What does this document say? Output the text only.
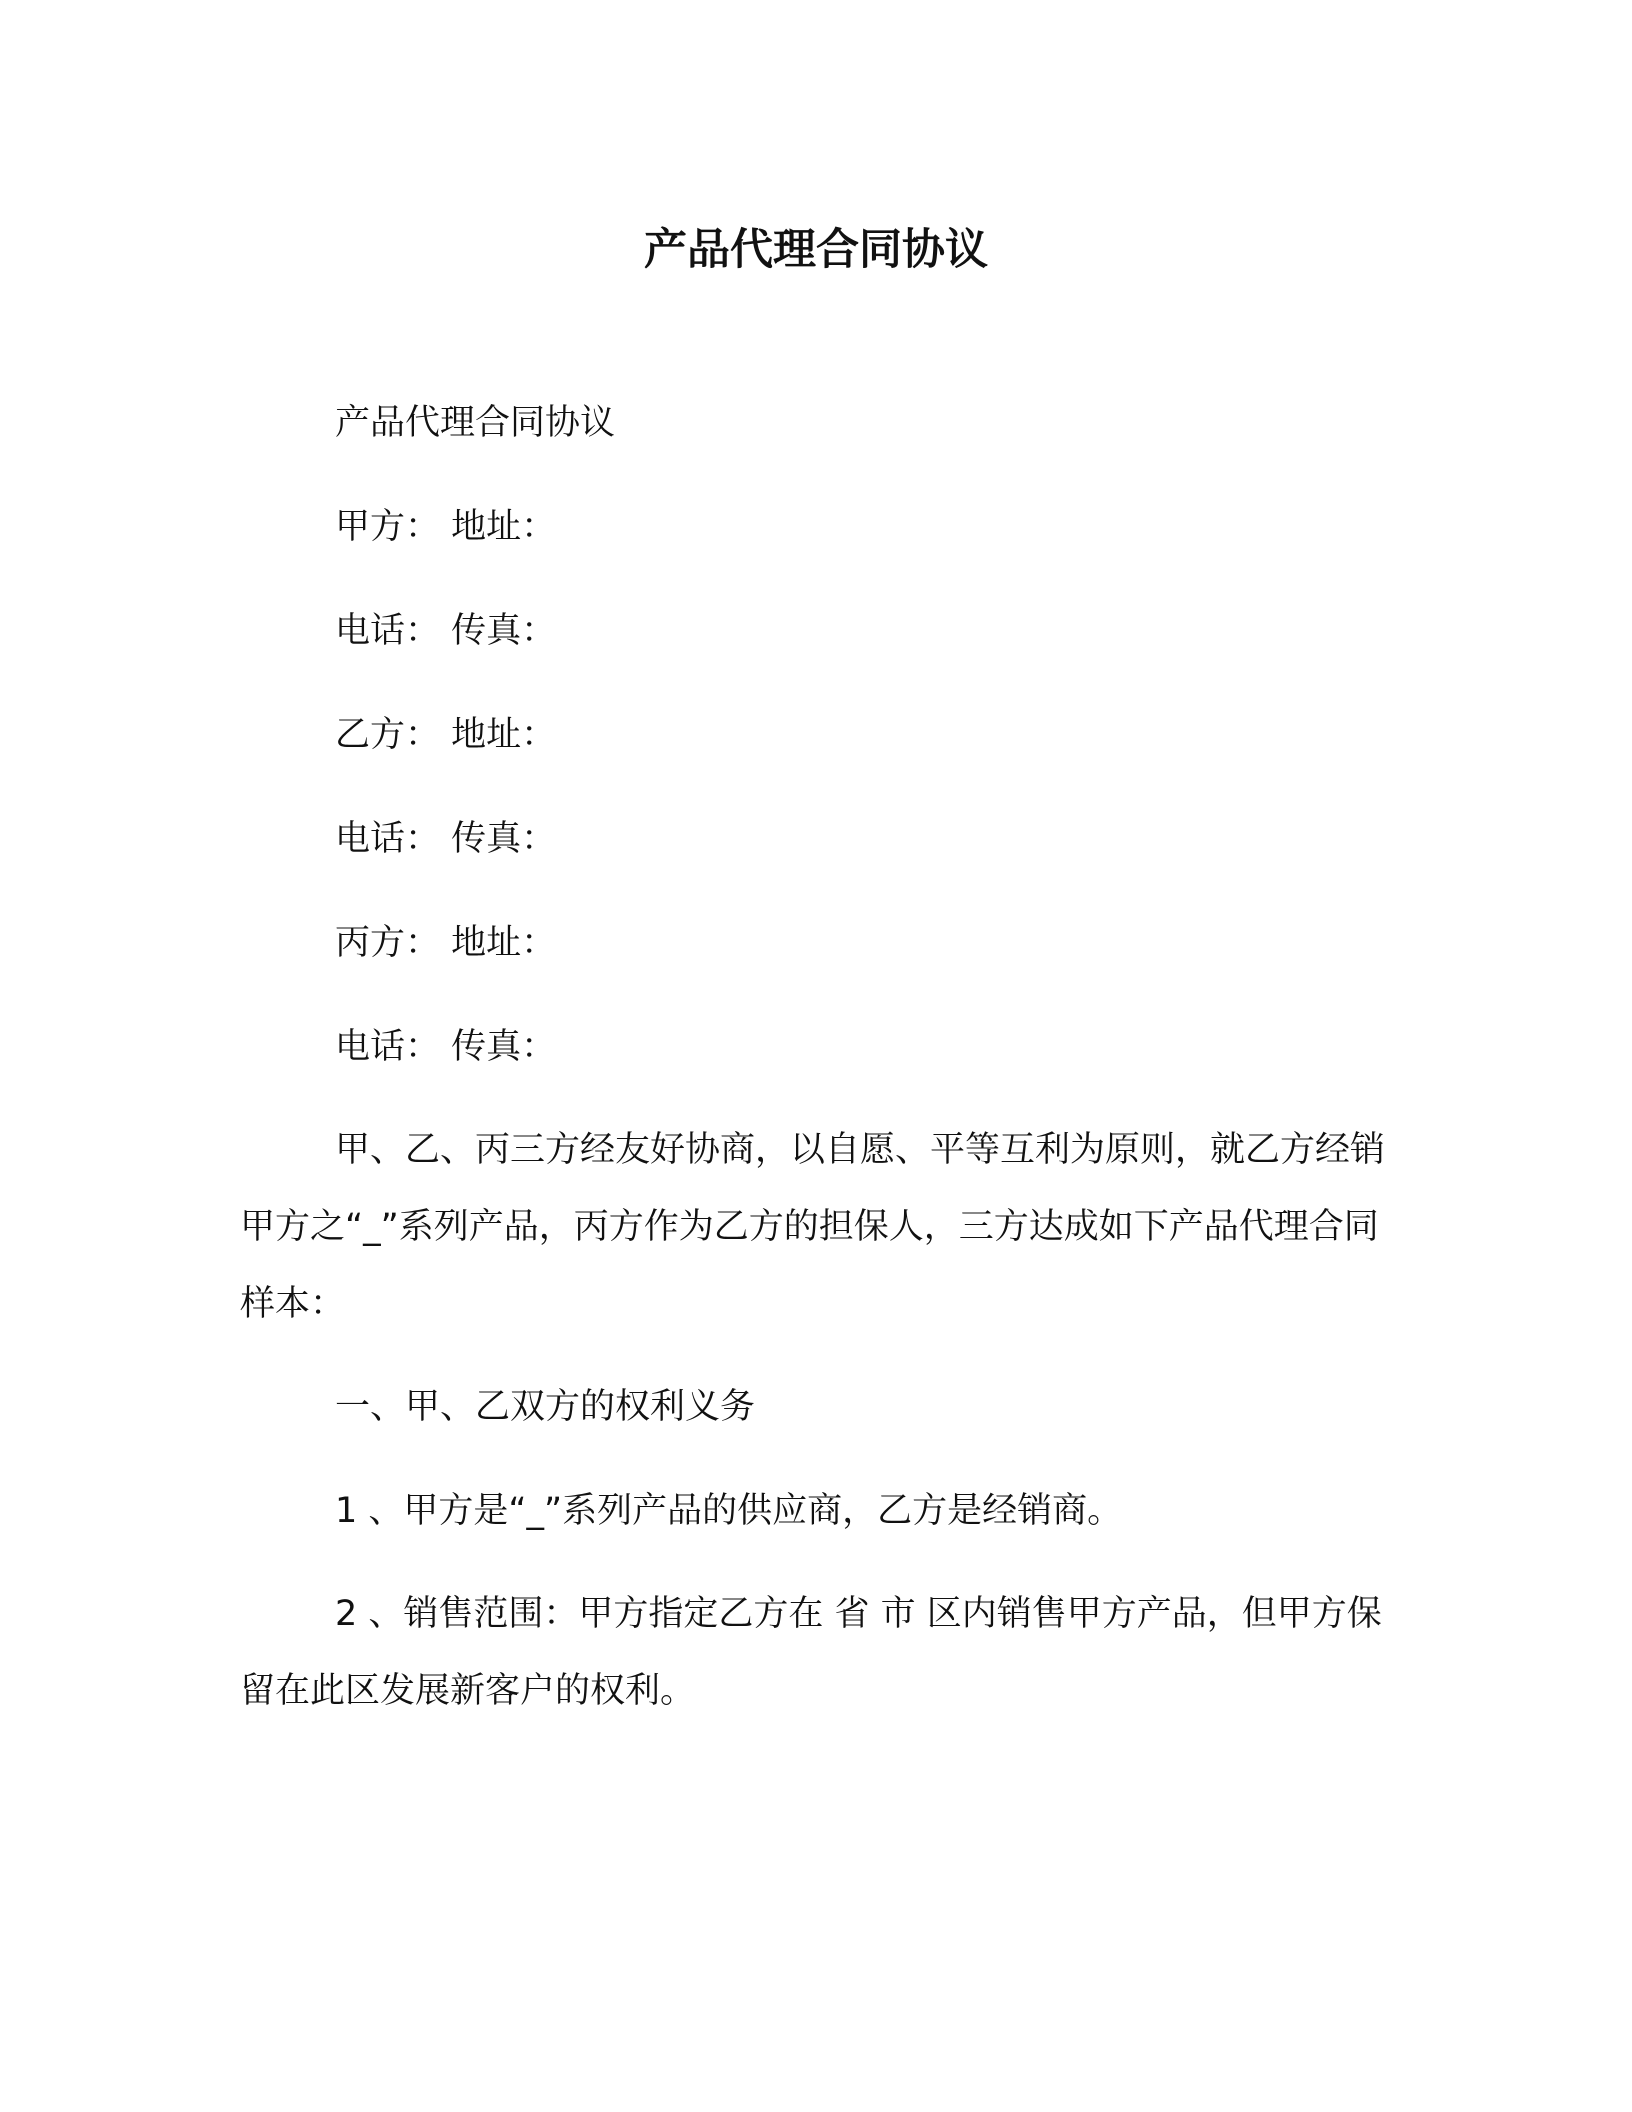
产品代理合同协议
产品代理合同协议
甲方： 地址：
电话： 传真：
乙方： 地址：
电话： 传真：
丙方： 地址：
电话： 传真：
甲、乙、丙三方经友好协商，以自愿、平等互利为原则，就乙方经销甲方之“_”系列产品，丙方作为乙方的担保人，三方达成如下产品代理合同样本：
一、甲、乙双方的权利义务
1 、甲方是“_”系列产品的供应商，乙方是经销商。
2 、销售范围：甲方指定乙方在 省 市 区内销售甲方产品，但甲方保留在此区发展新客户的权利。
